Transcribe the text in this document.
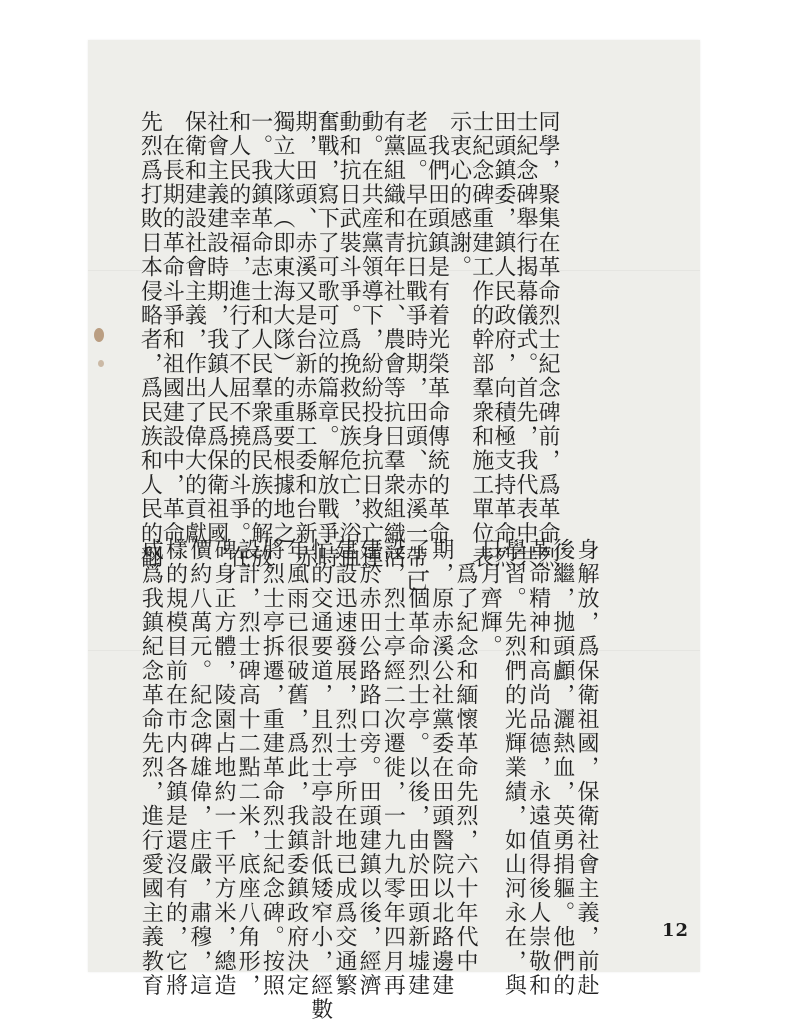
同學，聚集在革命烈士紀念碑前，爲革命烈
士紀念碑舉行揭幕儀式。首先，我代表中共
田頭鎮委，鎮人民政府，向積極支持革命烈
士紀念碑重建工作的幹部羣衆和施工單位表
示衷心的感謝。
　我們田頭鎮是有着光榮革命傳統的革命
老區。早在抗日戰爭時期，田頭、赤溪一帶已
有黨組織和青年社、農會等抗日羣衆組織活
動。在共産黨領導下，紛紛投身抗日救亡運
動和抗日武裝斗爭。爲挽救民族危亡，浴血
奮戰，寫下了可歌可泣的篇章。解放戰爭時
期，田頭、赤溪又是台新赤縣工委和台新赤
獨立大隊（即東海大隊）的重要根據地之
一。我鎮革命志士和人民羣衆爲民族的解放
和人民的幸福，進行了不屈不撓的斗爭。在
社會主義建設時期，我鎮人民爲保衛祖國，
保衛和建設社會主義，作出了偉大的貢獻。
　在長期的革命斗爭和祖國建設中，革命
先烈爲打敗日本侵略者，爲民族和人民的翻
身解放，爲保衛祖國，保衛社會主義，前赴
後繼，拋頭顱，灑熱血，英勇捐軀。他們的
革命精神和高尚品德，永遠值得後人崇敬和
學習。先烈們的光輝業績，如山河永在，與
日月齊輝。
　爲了紀念和緬懷革命先烈，六十年代中
期，原赤溪公社黨委在田頭醫院以北路邊建
了一個革命烈士亭。以後，由於田頭新墟建
設，烈士亭經二次遷徙，一九九零年四月再
建於赤田公路路口旁。田頭建鎮以後，經濟
建設迅速發展，烈士亭所在地已成爲交通繁
忙的交通要道，且烈士亭設計低矮窄小，經數
年風雨已很破舊，爲此，我鎮委鎮政府決定
將烈士亭拆遷，重建革命烈士紀念碑。按照
設計，烈士碑高十二點二米，底座八角形，
碑身正方體，陵園占地約一千平方米，總造
價約八萬元。紀念碑雄偉，庄嚴，肅穆，這
樣的規模目前在市内各鎮是還沒有的，它將
成爲我鎮紀念革命先烈，進行愛國主義教育	12
